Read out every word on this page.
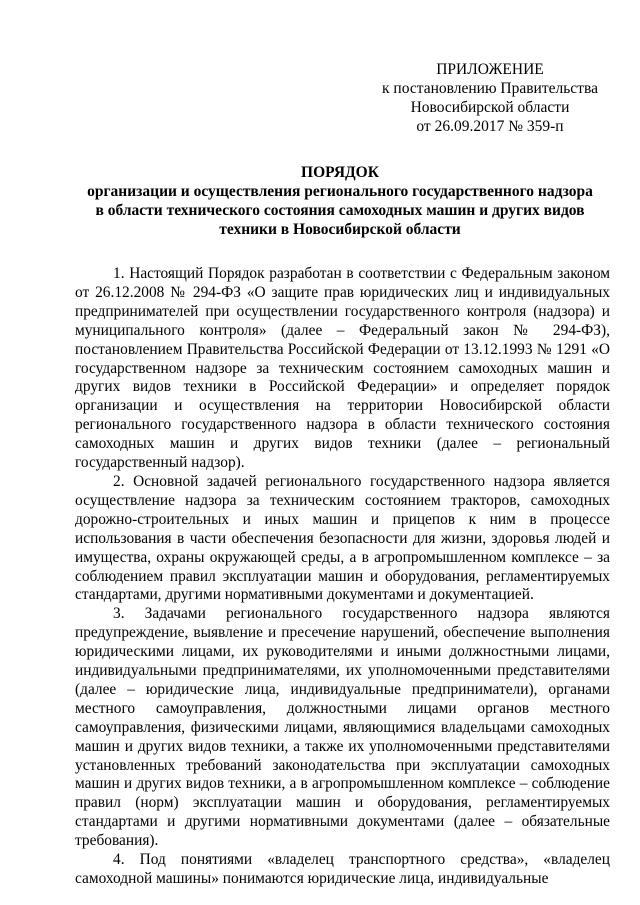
ПРИЛОЖЕНИЕ
к постановлению Правительства
Новосибирской области
от 26.09.2017 № 359-п
ПОРЯДОК
организации и осуществления регионального государственного надзора
в области технического состояния самоходных машин и других видов
техники в Новосибирской области

1. Настоящий Порядок разработан в соответствии с Федеральным законом от 26.12.2008 № 294-ФЗ «О защите прав юридических лиц и индивидуальных предпринимателей при осуществлении государственного контроля (надзора) и муниципального контроля» (далее – Федеральный закон № 294-ФЗ), постановлением Правительства Российской Федерации от 13.12.1993 № 1291 «О государственном надзоре за техническим состоянием самоходных машин и других видов техники в Российской Федерации» и определяет порядок организации и осуществления на территории Новосибирской области регионального государственного надзора в области технического состояния самоходных машин и других видов техники (далее – региональный государственный надзор).

2. Основной задачей регионального государственного надзора является осуществление надзора за техническим состоянием тракторов, самоходных дорожно-строительных и иных машин и прицепов к ним в процессе использования в части обеспечения безопасности для жизни, здоровья людей и имущества, охраны окружающей среды, а в агропромышленном комплексе – за соблюдением правил эксплуатации машин и оборудования, регламентируемых стандартами, другими нормативными документами и документацией.

3. Задачами регионального государственного надзора являются предупреждение, выявление и пресечение нарушений, обеспечение выполнения юридическими лицами, их руководителями и иными должностными лицами, индивидуальными предпринимателями, их уполномоченными представителями (далее – юридические лица, индивидуальные предприниматели), органами местного самоуправления, должностными лицами органов местного самоуправления, физическими лицами, являющимися владельцами самоходных машин и других видов техники, а также их уполномоченными представителями установленных требований законодательства при эксплуатации самоходных машин и других видов техники, а в агропромышленном комплексе – соблюдение правил (норм) эксплуатации машин и оборудования, регламентируемых стандартами и другими нормативными документами (далее – обязательные требования).

4. Под понятиями «владелец транспортного средства», «владелец самоходной машины» понимаются юридические лица, индивидуальные
